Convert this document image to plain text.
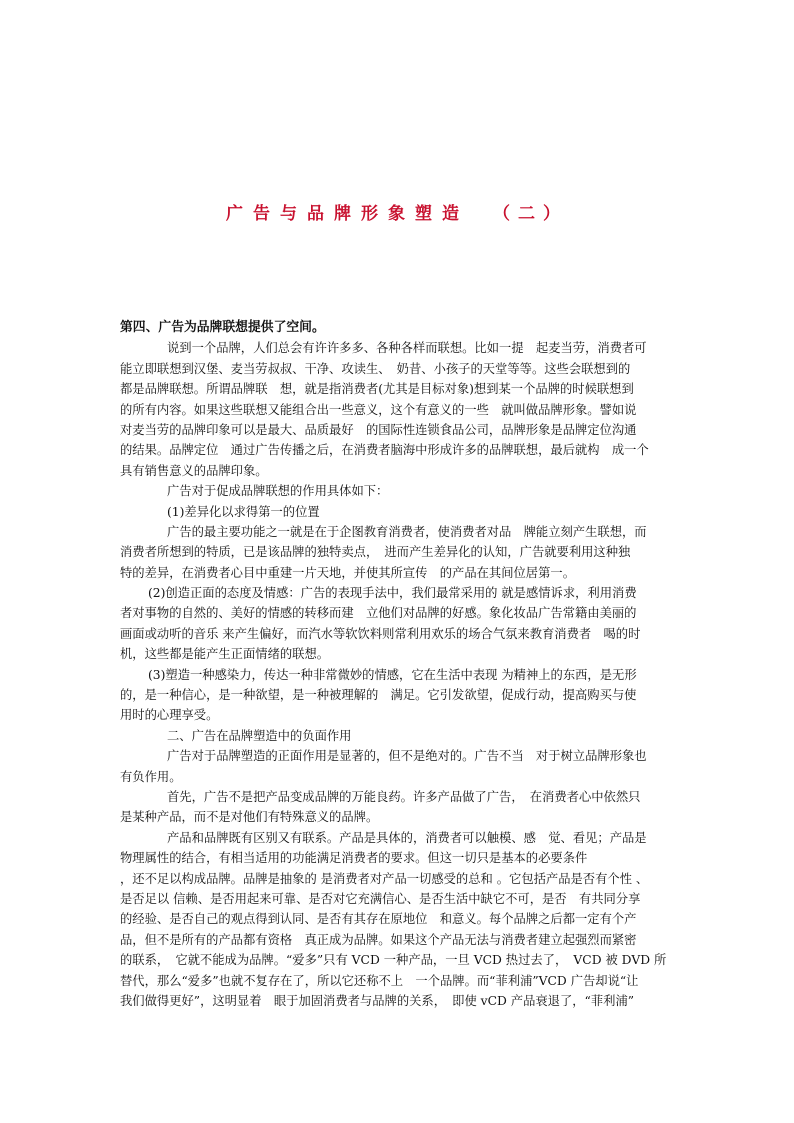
广告与品牌形象塑造 （二）
第四、广告为品牌联想提供了空间。
说到一个品牌，人们总会有许许多多、各种各样而联想。比如一提　起麦当劳，消费者可
能立即联想到汉堡、麦当劳叔叔、干净、攻读生、　奶昔、小孩子的天堂等等。这些会联想到的
都是品牌联想。所谓品牌联　想，就是指消费者(尤其是目标对象)想到某一个品牌的时候联想到
的所有内容。如果这些联想又能组合出一些意义，这个有意义的一些　就叫做品牌形象。譬如说
对麦当劳的品牌印象可以是最大、品质最好　的国际性连锁食品公司，品牌形象是品牌定位沟通
的结果。品牌定位　通过广告传播之后，在消费者脑海中形成许多的品牌联想，最后就构　成一个
具有销售意义的品牌印象。
广告对于促成品牌联想的作用具体如下：
(1)差异化以求得第一的位置
广告的最主要功能之一就是在于企图教育消费者，使消费者对品　牌能立刻产生联想，而
消费者所想到的特质，已是该品牌的独特卖点，　进而产生差异化的认知，广告就要利用这种独
特的差异，在消费者心目中重建一片天地，并使其所宣传　的产品在其间位居第一。
(2)创造正面的态度及情感：广告的表现手法中，我们最常采用的 就是感情诉求，利用消费
者对事物的自然的、美好的情感的转移而建　立他们对品牌的好感。象化妆品广告常籍由美丽的
画面或动听的音乐 来产生偏好，而汽水等软饮料则常利用欢乐的场合气氛来教育消费者　喝的时
机，这些都是能产生正面情绪的联想。
(3)塑造一种感染力，传达一种非常微妙的情感，它在生活中表现 为精神上的东西，是无形
的，是一种信心，是一种欲望，是一种被理解的　满足。它引发欲望，促成行动，提高购买与使
用时的心理享受。
二、广告在品牌塑造中的负面作用
广告对于品牌塑造的正面作用是显著的，但不是绝对的。广告不当　对于树立品牌形象也
有负作用。
首先，广告不是把产品变成品牌的万能良药。许多产品做了广告，　在消费者心中依然只
是某种产品，而不是对他们有特殊意义的品牌。
产品和品牌既有区别又有联系。产品是具体的，消费者可以触模、感　觉、看见；产品是
物理属性的结合，有相当适用的功能满足消费者的要求。但这一切只是基本的必要条件
，还不足以构成品牌。品牌是抽象的 是消费者对产品一切感受的总和 。它包括产品是否有个性 、
是否足以 信赖、是否用起来可靠、是否对它充满信心、是否生活中缺它不可，是否　有共同分享
的经验、是否自己的观点得到认同、是否有其存在原地位　和意义。每个品牌之后都一定有个产
品，但不是所有的产品都有资格　真正成为品牌。如果这个产品无法与消费者建立起强烈而紧密
的联系，　它就不能成为品牌。“爱多”只有 VCD 一种产品，一旦 VCD 热过去了，　VCD 被 DVD 所
替代，那么“爱多”也就不复存在了，所以它还称不上　一个品牌。而“菲利浦”VCD 广告却说“让
我们做得更好”，这明显着　眼于加固消费者与品牌的关系，　即使 vCD 产品衰退了，“菲利浦”
